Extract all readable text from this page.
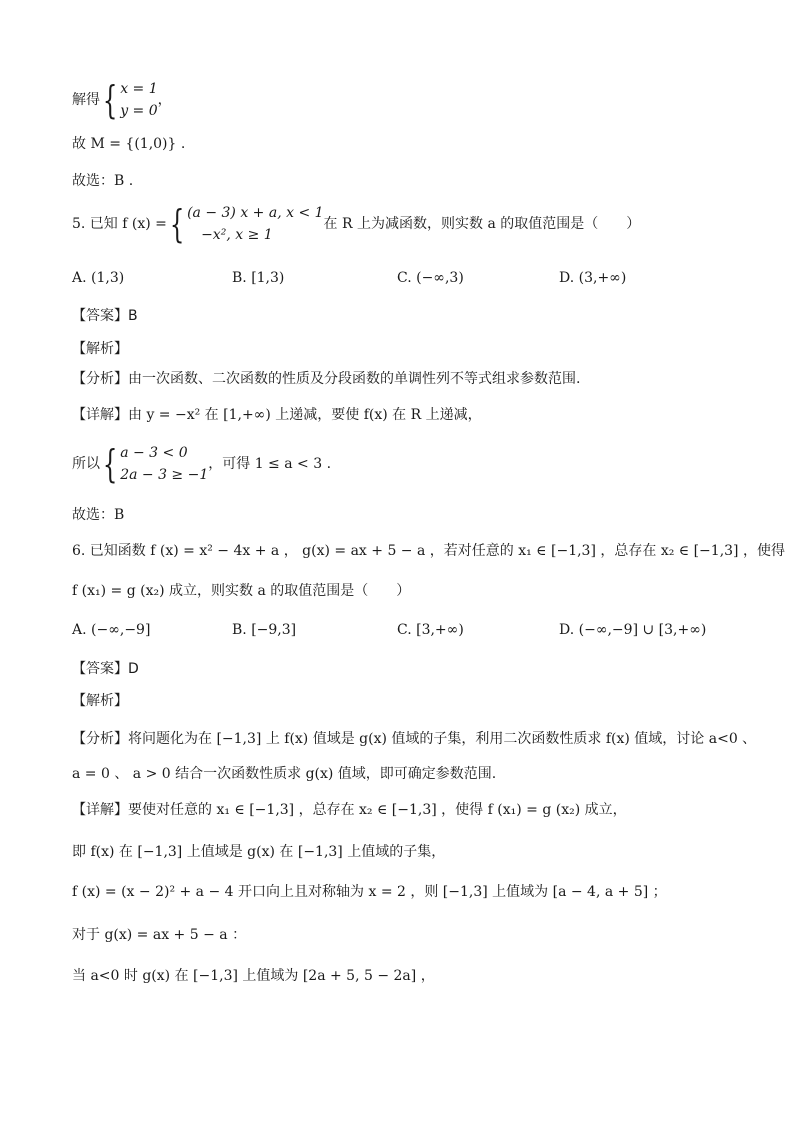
解得 { x = 1
y = 0
，
故 M = {(1,0)} .
故选：B .
5. 已知 f (x) = { (a − 3) x + a, x < 1
−x², x ≥ 1
在 R 上为减函数，则实数 a 的取值范围是（　　）
A. (1,3)	B. [1,3)	C. (−∞,3)	D. (3,+∞)
【答案】B
【解析】
【分析】由一次函数、二次函数的性质及分段函数的单调性列不等式组求参数范围.
【详解】由 y = −x² 在 [1,+∞) 上递减，要使 f(x) 在 R 上递减，
所以 { a − 3 < 0
2a − 3 ≥ −1
，可得 1 ≤ a < 3 .
故选：B
6. 已知函数 f (x) = x² − 4x + a ， g(x) = ax + 5 − a ，若对任意的 x₁ ∈ [−1,3] ，总存在 x₂ ∈ [−1,3] ，使得
f (x₁) = g (x₂) 成立，则实数 a 的取值范围是（　　）
A. (−∞,−9]	B. [−9,3]	C. [3,+∞)	D. (−∞,−9] ∪ [3,+∞)
【答案】D
【解析】
【分析】将问题化为在 [−1,3] 上 f(x) 值域是 g(x) 值域的子集，利用二次函数性质求 f(x) 值域，讨论 a<0 、
a = 0 、 a > 0 结合一次函数性质求 g(x) 值域，即可确定参数范围.
【详解】要使对任意的 x₁ ∈ [−1,3] ，总存在 x₂ ∈ [−1,3] ，使得 f (x₁) = g (x₂) 成立，
即 f(x) 在 [−1,3] 上值域是 g(x) 在 [−1,3] 上值域的子集，
f (x) = (x − 2)² + a − 4 开口向上且对称轴为 x = 2 ，则 [−1,3] 上值域为 [a − 4, a + 5] ；
对于 g(x) = ax + 5 − a ：
当 a<0 时 g(x) 在 [−1,3] 上值域为 [2a + 5, 5 − 2a] ，
